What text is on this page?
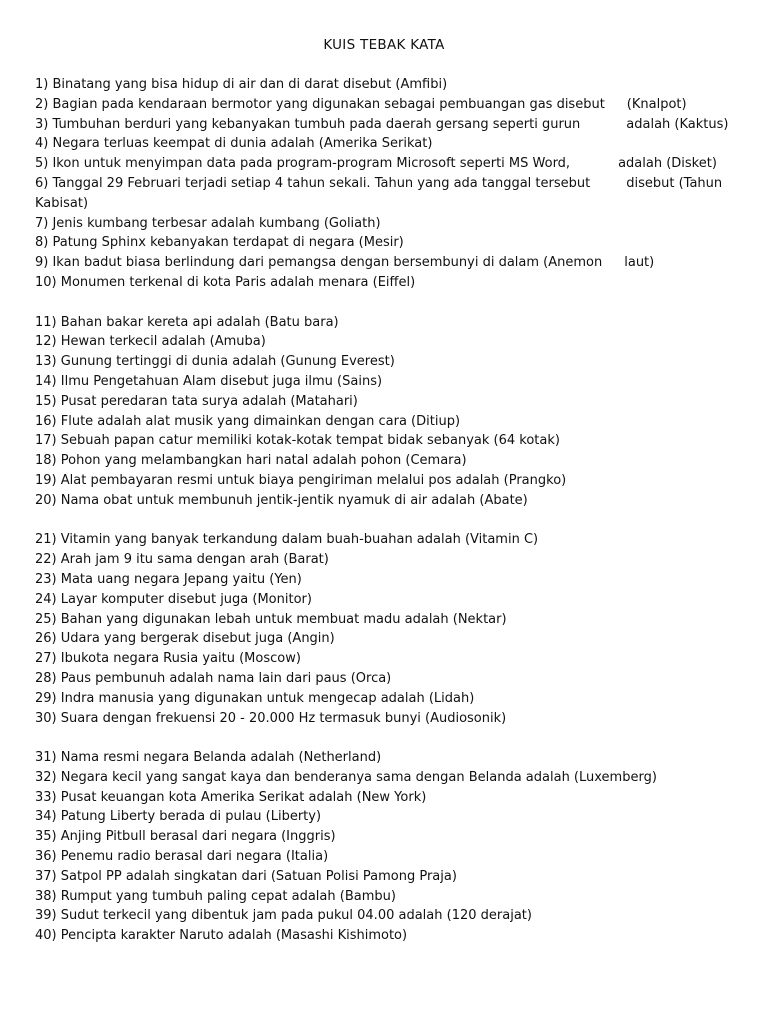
KUIS TEBAK KATA
1) Binatang yang bisa hidup di air dan di darat disebut (Amfibi)
2) Bagian pada kendaraan bermotor yang digunakan sebagai pembuangan gas disebut (Knalpot)
3) Tumbuhan berduri yang kebanyakan tumbuh pada daerah gersang seperti gurun	adalah (Kaktus)
4) Negara terluas keempat di dunia adalah (Amerika Serikat)
5) Ikon untuk menyimpan data pada program-program Microsoft seperti MS Word,	adalah (Disket)
6) Tanggal 29 Februari terjadi setiap 4 tahun sekali. Tahun yang ada tanggal tersebut	disebut (Tahun
Kabisat)
7) Jenis kumbang terbesar adalah kumbang (Goliath)
8) Patung Sphinx kebanyakan terdapat di negara (Mesir)
9) Ikan badut biasa berlindung dari pemangsa dengan bersembunyi di dalam (Anemon laut)
10) Monumen terkenal di kota Paris adalah menara (Eiffel)
11) Bahan bakar kereta api adalah (Batu bara)
12) Hewan terkecil adalah (Amuba)
13) Gunung tertinggi di dunia adalah (Gunung Everest)
14) Ilmu Pengetahuan Alam disebut juga ilmu (Sains)
15) Pusat peredaran tata surya adalah (Matahari)
16) Flute adalah alat musik yang dimainkan dengan cara (Ditiup)
17) Sebuah papan catur memiliki kotak-kotak tempat bidak sebanyak (64 kotak)
18) Pohon yang melambangkan hari natal adalah pohon (Cemara)
19) Alat pembayaran resmi untuk biaya pengiriman melalui pos adalah (Prangko)
20) Nama obat untuk membunuh jentik-jentik nyamuk di air adalah (Abate)
21) Vitamin yang banyak terkandung dalam buah-buahan adalah (Vitamin C)
22) Arah jam 9 itu sama dengan arah (Barat)
23) Mata uang negara Jepang yaitu (Yen)
24) Layar komputer disebut juga (Monitor)
25) Bahan yang digunakan lebah untuk membuat madu adalah (Nektar)
26) Udara yang bergerak disebut juga (Angin)
27) Ibukota negara Rusia yaitu (Moscow)
28) Paus pembunuh adalah nama lain dari paus (Orca)
29) Indra manusia yang digunakan untuk mengecap adalah (Lidah)
30) Suara dengan frekuensi 20 - 20.000 Hz termasuk bunyi (Audiosonik)
31) Nama resmi negara Belanda adalah (Netherland)
32) Negara kecil yang sangat kaya dan benderanya sama dengan Belanda adalah (Luxemberg)
33) Pusat keuangan kota Amerika Serikat adalah (New York)
34) Patung Liberty berada di pulau (Liberty)
35) Anjing Pitbull berasal dari negara (Inggris)
36) Penemu radio berasal dari negara (Italia)
37) Satpol PP adalah singkatan dari (Satuan Polisi Pamong Praja)
38) Rumput yang tumbuh paling cepat adalah (Bambu)
39) Sudut terkecil yang dibentuk jam pada pukul 04.00 adalah (120 derajat)
40) Pencipta karakter Naruto adalah (Masashi Kishimoto)
